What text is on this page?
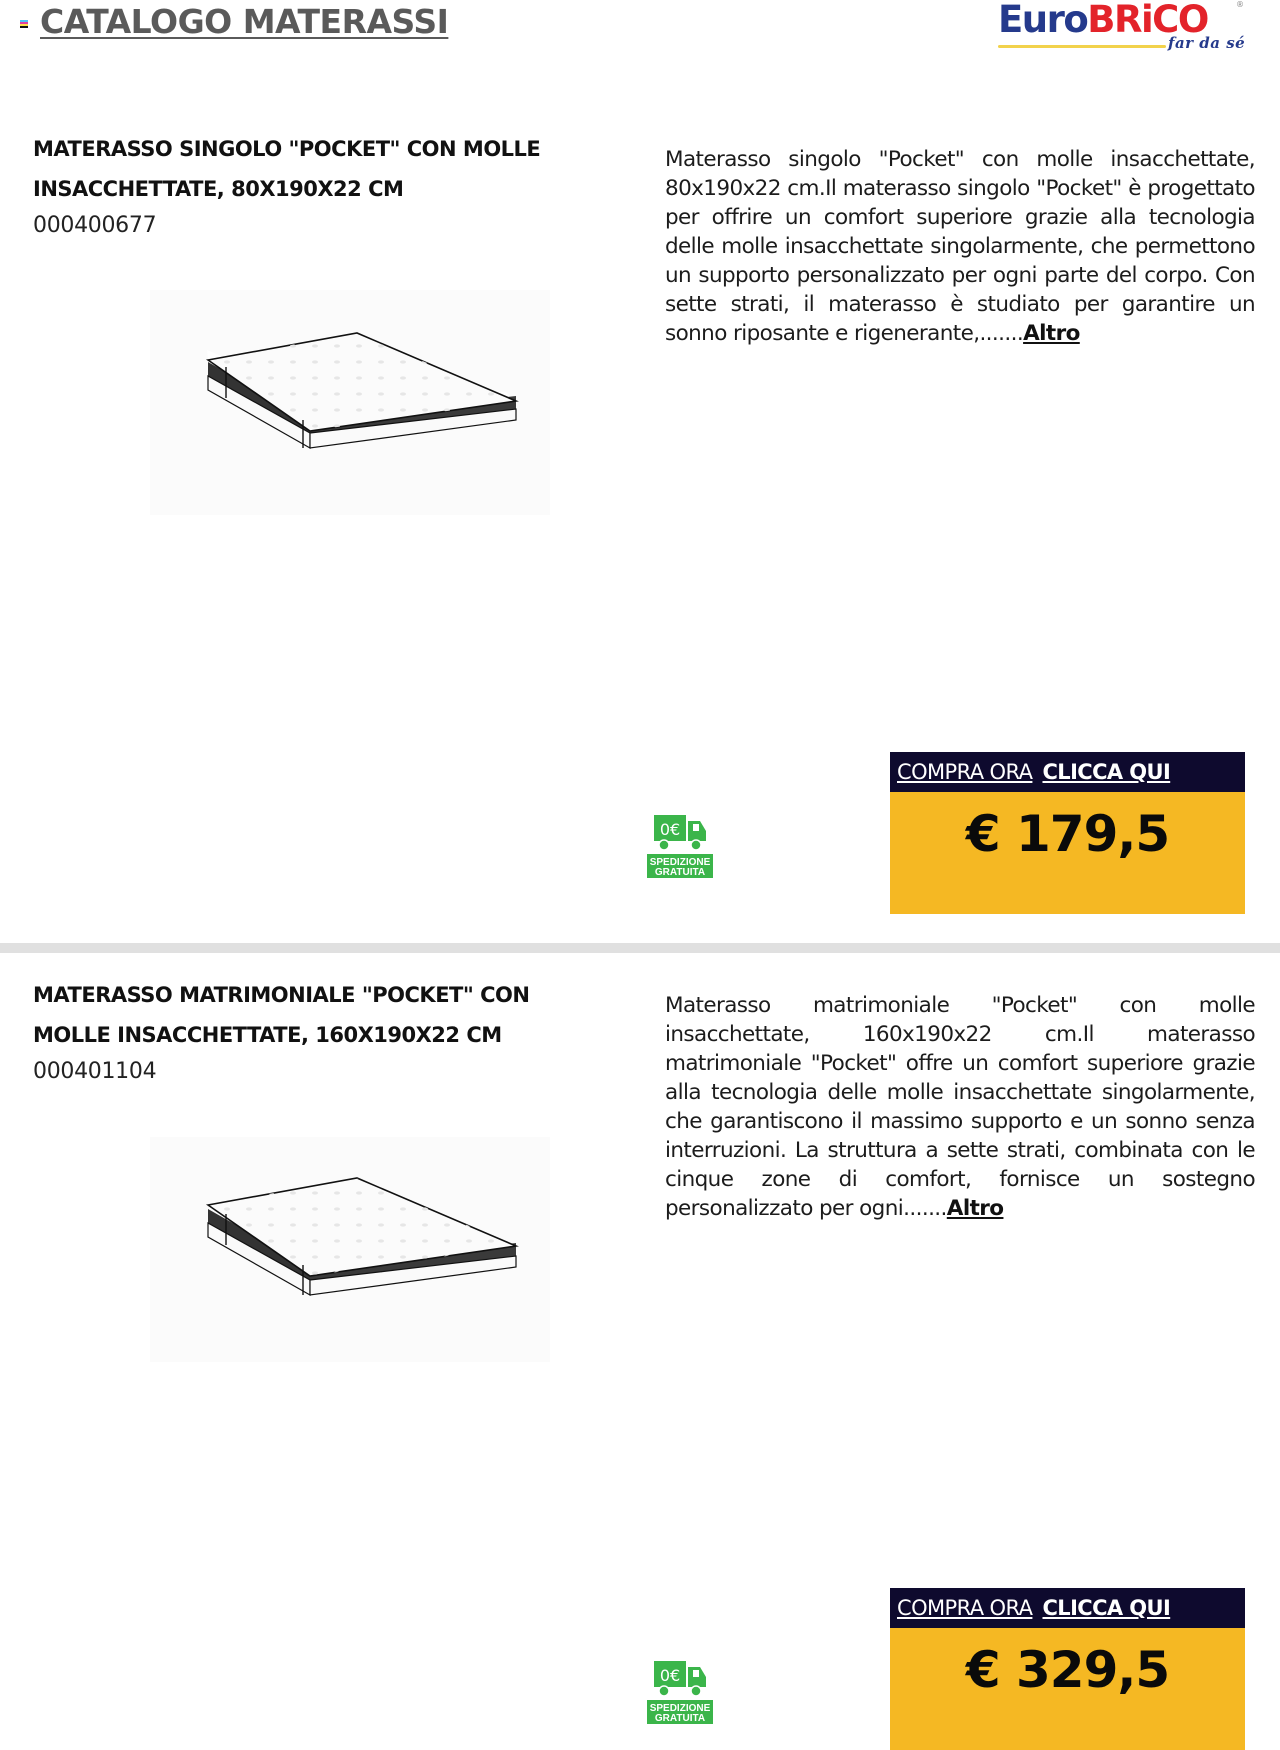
CATALOGO MATERASSI	EuroBRiCO	®
far da sé
MATERASSO SINGOLO "POCKET" CON MOLLE INSACCHETTATE, 80X190X22 CM
000400677
Materasso singolo "Pocket" con molle insacchettate, 80x190x22 cm.Il materasso singolo "Pocket" è progettato per offrire un comfort superiore grazie alla tecnologia delle molle insacchettate singolarmente, che permettono un supporto personalizzato per ogni parte del corpo. Con sette strati, il materasso è studiato per garantire un sonno riposante e rigenerante,.......Altro
0€
SPEDIZIONE
GRATUITA
COMPRA ORA CLICCA QUI
€ 179,5
MATERASSO MATRIMONIALE "POCKET" CON MOLLE INSACCHETTATE, 160X190X22 CM
000401104
Materasso matrimoniale "Pocket" con molle insacchettate, 160x190x22 cm.Il materasso matrimoniale "Pocket" offre un comfort superiore grazie alla tecnologia delle molle insacchettate singolarmente, che garantiscono il massimo supporto e un sonno senza interruzioni. La struttura a sette strati, combinata con le cinque zone di comfort, fornisce un sostegno personalizzato per ogni.......Altro
0€
SPEDIZIONE
GRATUITA
COMPRA ORA CLICCA QUI
€ 329,5
